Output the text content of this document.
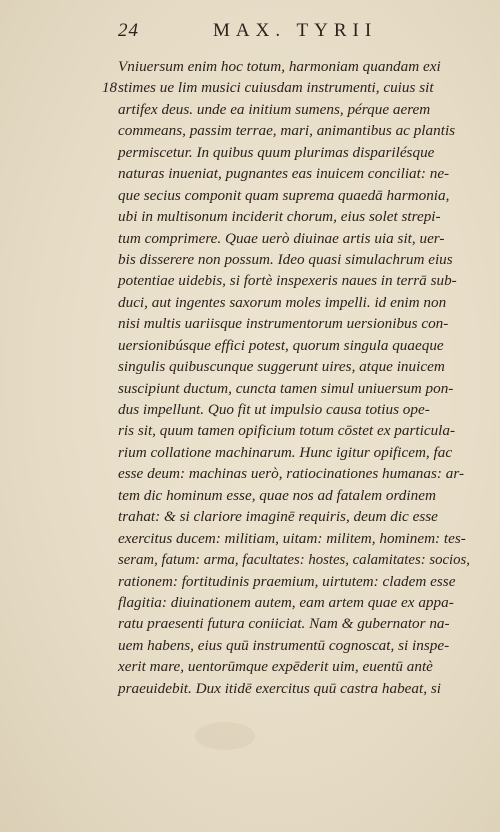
24	MAX. TYRII
18
Vniuersum enim hoc totum, harmoniam quandam exi
stimes ue lim musici cuiusdam instrumenti, cuius sit
artifex deus. unde ea initium sumens, pérque aerem
commeans, passim terrae, mari, animantibus ac plantis
permiscetur. In quibus quum plurimas disparilésque
naturas inueniat, pugnantes eas inuicem conciliat: ne-
que secius componit quam suprema quaedā harmonia,
ubi in multisonum inciderit chorum, eius solet strepi-
tum comprimere. Quae uerò diuinae artis uia sit, uer-
bis disserere non possum. Ideo quasi simulachrum eius
potentiae uidebis, si fortè inspexeris naues in terrā sub-
duci, aut ingentes saxorum moles impelli. id enim non
nisi multis uariisque instrumentorum uersionibus con-
uersionibúsque effici potest, quorum singula quaeque
singulis quibuscunque suggerunt uires, atque inuicem
suscipiunt ductum, cuncta tamen simul uniuersum pon-
dus impellunt. Quo fit ut impulsio causa totius ope-
ris sit, quum tamen opificium totum cōstet ex particula-
rium collatione machinarum. Hunc igitur opificem, fac
esse deum: machinas uerò, ratiocinationes humanas: ar-
tem dic hominum esse, quae nos ad fatalem ordinem
trahat: & si clariore imaginē requiris, deum dic esse
exercitus ducem: militiam, uitam: militem, hominem: tes-
seram, fatum: arma, facultates: hostes, calamitates: socios,
rationem: fortitudinis praemium, uirtutem: cladem esse
flagitia: diuinationem autem, eam artem quae ex appa-
ratu praesenti futura coniiciat. Nam & gubernator na-
uem habens, eius quū instrumentū cognoscat, si inspe-
xerit mare, uentorūmque expēderit uim, euentū antè
praeuidebit. Dux itidē exercitus quū castra habeat, si
